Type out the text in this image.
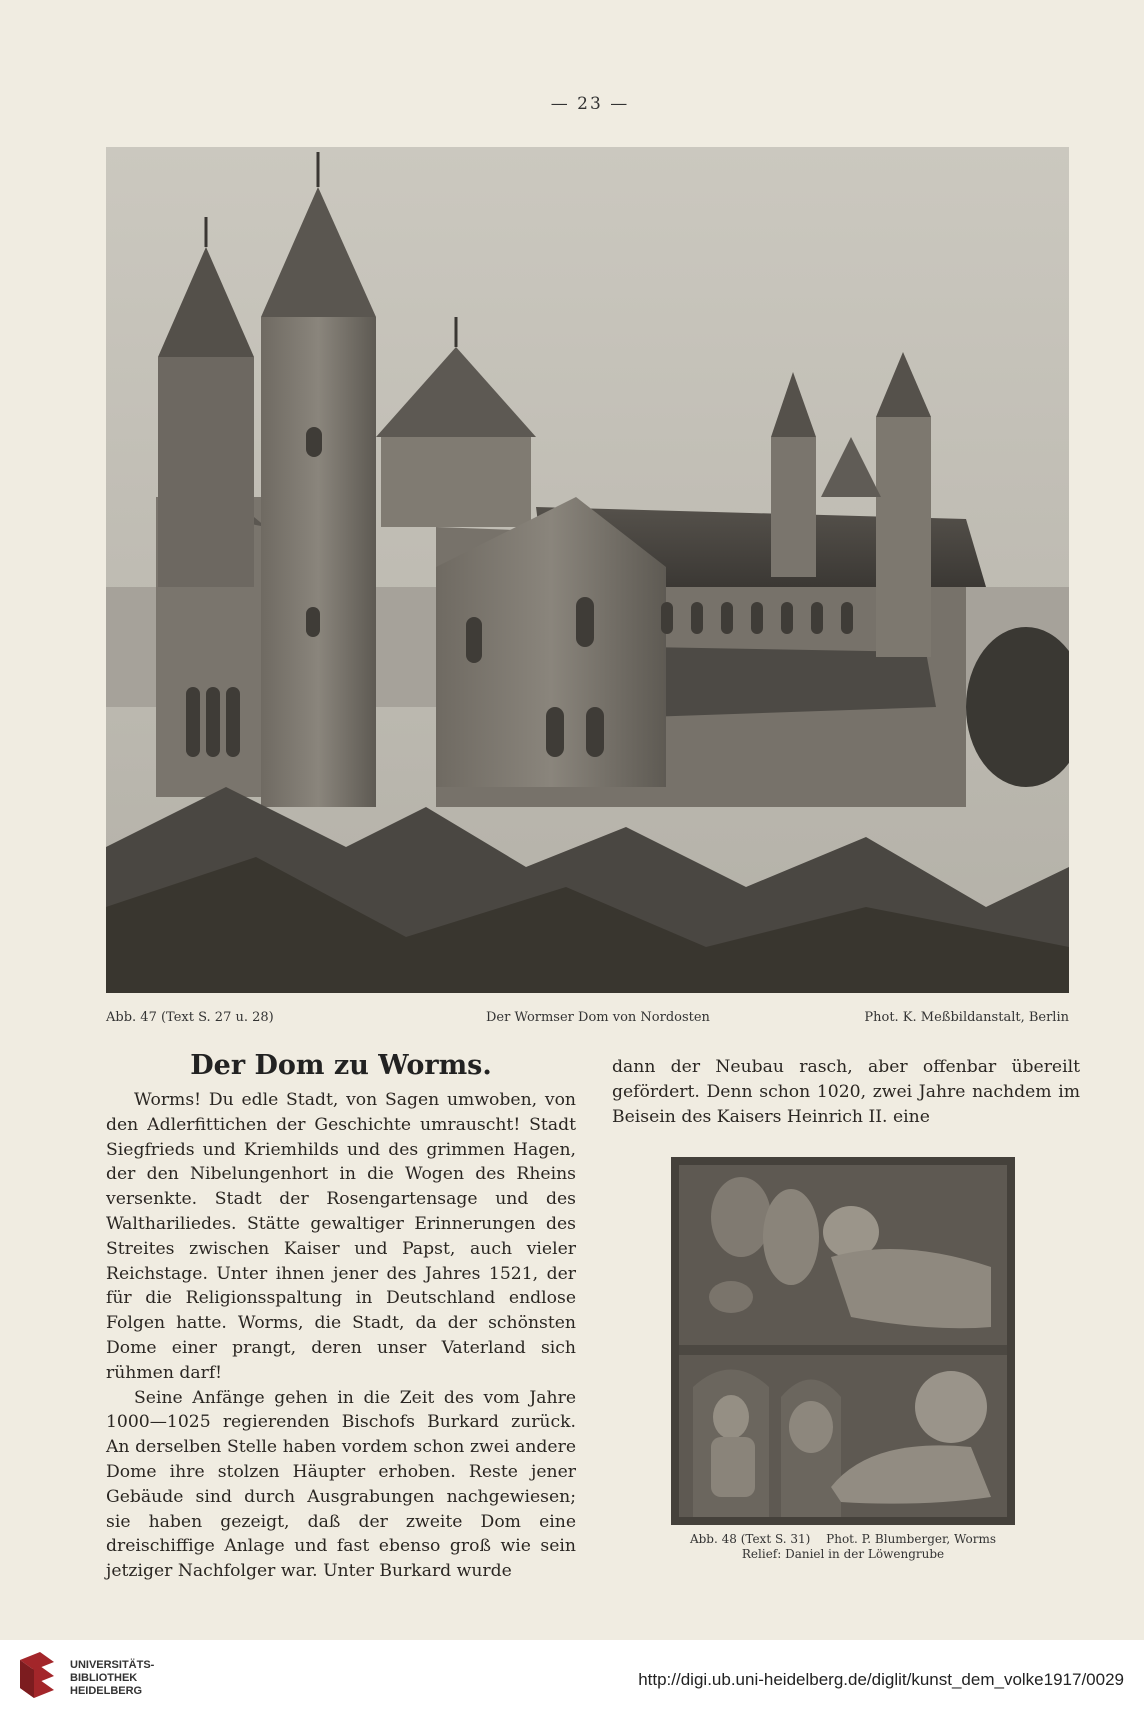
— 23 —
Abb. 47 (Text S. 27 u. 28)	Der Wormser Dom von Nordosten	Phot. K. Meßbildanstalt, Berlin
Der Dom zu Worms.

Worms! Du edle Stadt, von Sagen umwoben, von den Adlerfittichen der Geschichte umrauscht! Stadt Siegfrieds und Kriemhilds und des grimmen Hagen, der den Nibelungenhort in die Wogen des Rheins versenkte. Stadt der Rosengartensage und des Walthariliedes. Stätte gewaltiger Erinnerungen des Streites zwischen Kaiser und Papst, auch vieler Reichstage. Unter ihnen jener des Jahres 1521, der für die Religionsspaltung in Deutschland endlose Folgen hatte. Worms, die Stadt, da der schönsten Dome einer prangt, deren unser Vaterland sich rühmen darf!

Seine Anfänge gehen in die Zeit des vom Jahre 1000—1025 regierenden Bischofs Burkard zurück. An derselben Stelle haben vordem schon zwei andere Dome ihre stolzen Häupter erhoben. Reste jener Gebäude sind durch Ausgrabungen nachgewiesen; sie haben gezeigt, daß der zweite Dom eine dreischiffige Anlage und fast ebenso groß wie sein jetziger Nachfolger war. Unter Burkard wurde

dann der Neubau rasch, aber offenbar übereilt gefördert. Denn schon 1020, zwei Jahre nachdem im Beisein des Kaisers Heinrich II. eine

Abb. 48 (Text S. 31) Phot. P. Blumberger, Worms
Relief: Daniel in der Löwengrube
UNIVERSITÄTS-
BIBLIOTHEK
HEIDELBERG
http://digi.ub.uni-heidelberg.de/diglit/kunst_dem_volke1917/0029
